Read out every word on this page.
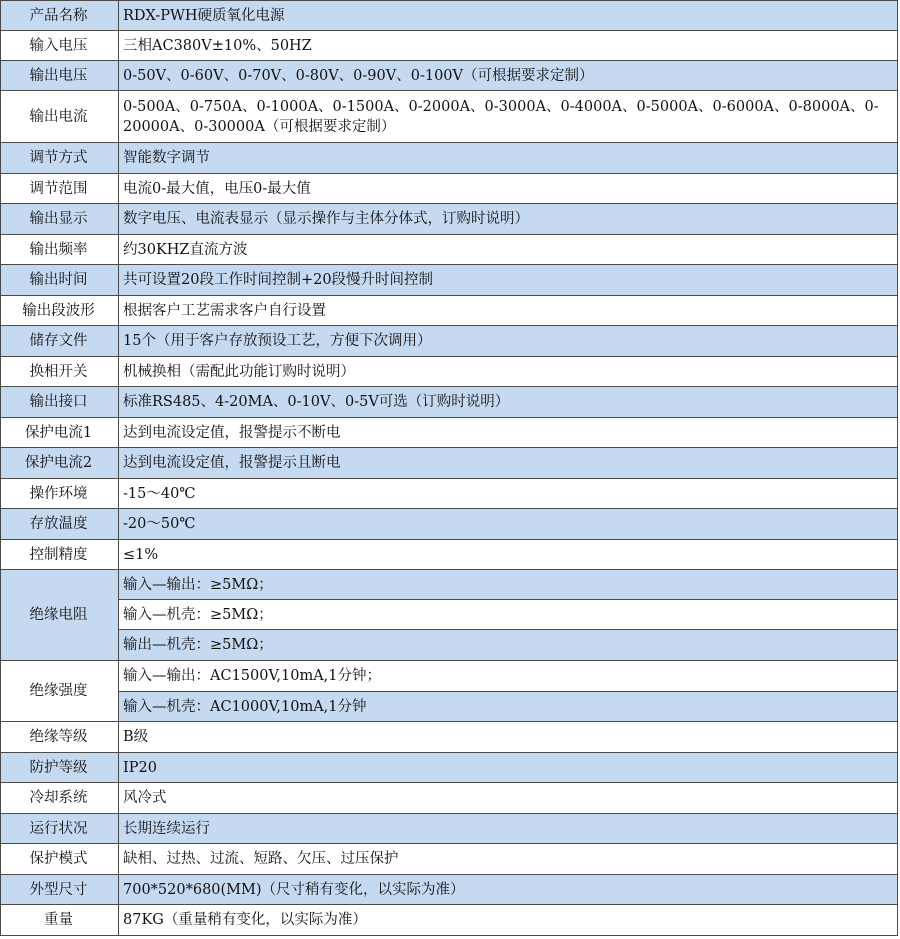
产品名称	RDX-PWH硬质氧化电源
输入电压	三相AC380V±10%、50HZ
输出电压	0-50V、0-60V、0-70V、0-80V、0-90V、0-100V（可根据要求定制）
输出电流	0-500A、0-750A、0-1000A、0-1500A、0-2000A、0-3000A、0-4000A、0-5000A、0-6000A、0-8000A、0-20000A、0-30000A（可根据要求定制）
调节方式	智能数字调节
调节范围	电流0-最大值，电压0-最大值
输出显示	数字电压、电流表显示（显示操作与主体分体式，订购时说明）
输出频率	约30KHZ直流方波
输出时间	共可设置20段工作时间控制+20段慢升时间控制
输出段波形	根据客户工艺需求客户自行设置
储存文件	15个（用于客户存放预设工艺，方便下次调用）
换相开关	机械换相（需配此功能订购时说明）
输出接口	标准RS485、4-20MA、0-10V、0-5V可选（订购时说明）
保护电流1	达到电流设定值，报警提示不断电
保护电流2	达到电流设定值，报警提示且断电
操作环境	-15～40℃
存放温度	-20～50℃
控制精度	≤1%
绝缘电阻	输入—输出：≥5MΩ；
	输入—机壳：≥5MΩ；
	输出—机壳：≥5MΩ；
绝缘强度	输入—输出：AC1500V,10mA,1分钟；
	输入—机壳：AC1000V,10mA,1分钟
绝缘等级	B级
防护等级	IP20
冷却系统	风冷式
运行状况	长期连续运行
保护模式	缺相、过热、过流、短路、欠压、过压保护
外型尺寸	700*520*680(MM)（尺寸稍有变化，以实际为准）
重量	87KG（重量稍有变化，以实际为准）
